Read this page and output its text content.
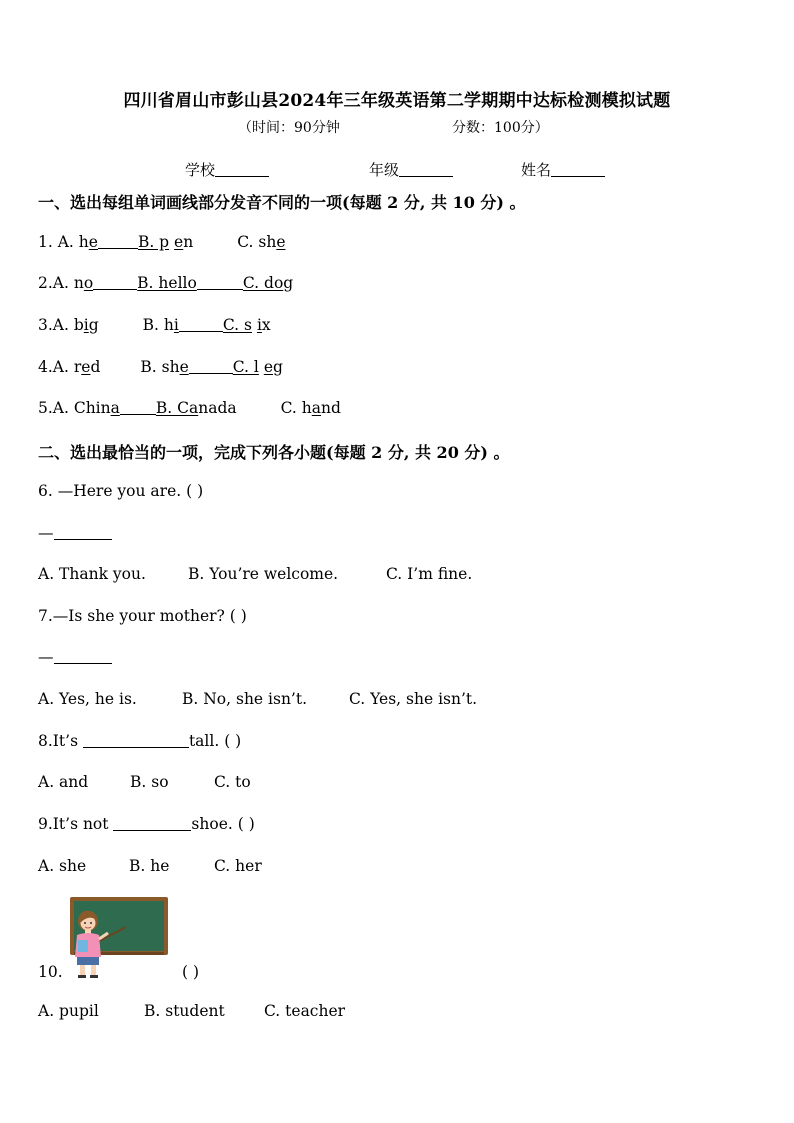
四川省眉山市彭山县2024年三年级英语第二学期期中达标检测模拟试题
（时间：90分钟	分数：100分）
学校	年级	姓名
一、选出每组单词画线部分发音不同的一项(每题 2 分, 共 10 分) 。
1. A. he	B. p en	C. she
2.A. no	B. hello	C. dog
3.A. big	B. hi	C. s ix
4.A. red	B. she	C. l eg
5.A. China B. Canada	C. hand
二、选出最恰当的一项，完成下列各小题(每题 2 分, 共 20 分) 。
6. —Here you are. ( )
—
A. Thank you.	B. You’re welcome.	C. I’m fine.
7.—Is she your mother? ( )
—
A. Yes, he is.	B. No, she isn’t.	C. Yes, she isn’t.
8.It’s	tall. ( )
A. and	B. so	C. to
9.It’s not	shoe. ( )
A. she	B. he	C. her
10.	( )
A. pupil	B. student	C. teacher
